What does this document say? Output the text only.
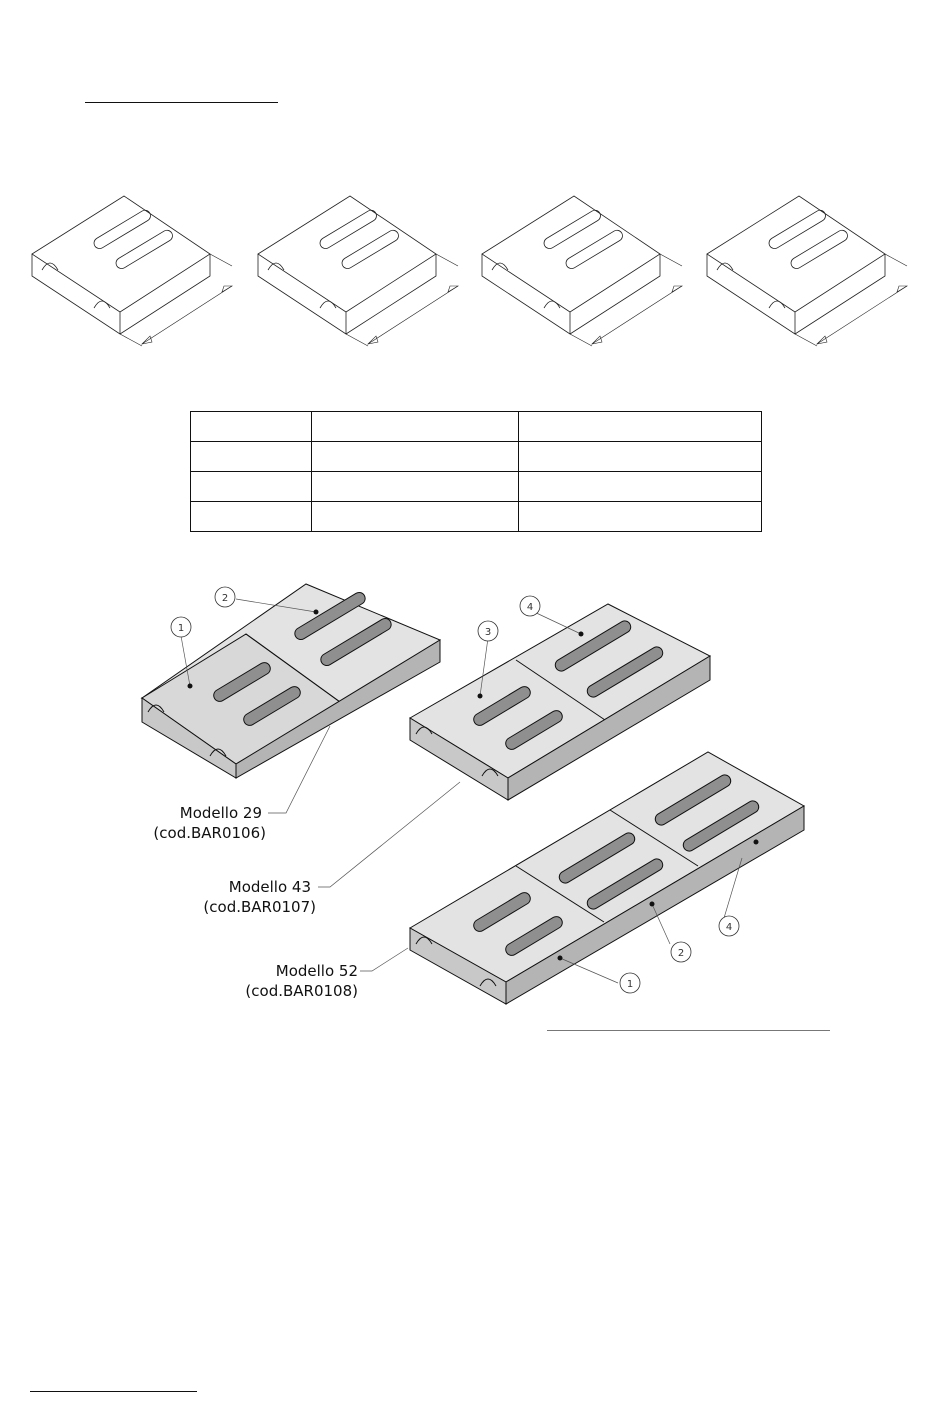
1
2
3
4
4
2
1
Modello 29
(cod.BAR0106)
Modello 43
(cod.BAR0107)
Modello 52
(cod.BAR0108)
